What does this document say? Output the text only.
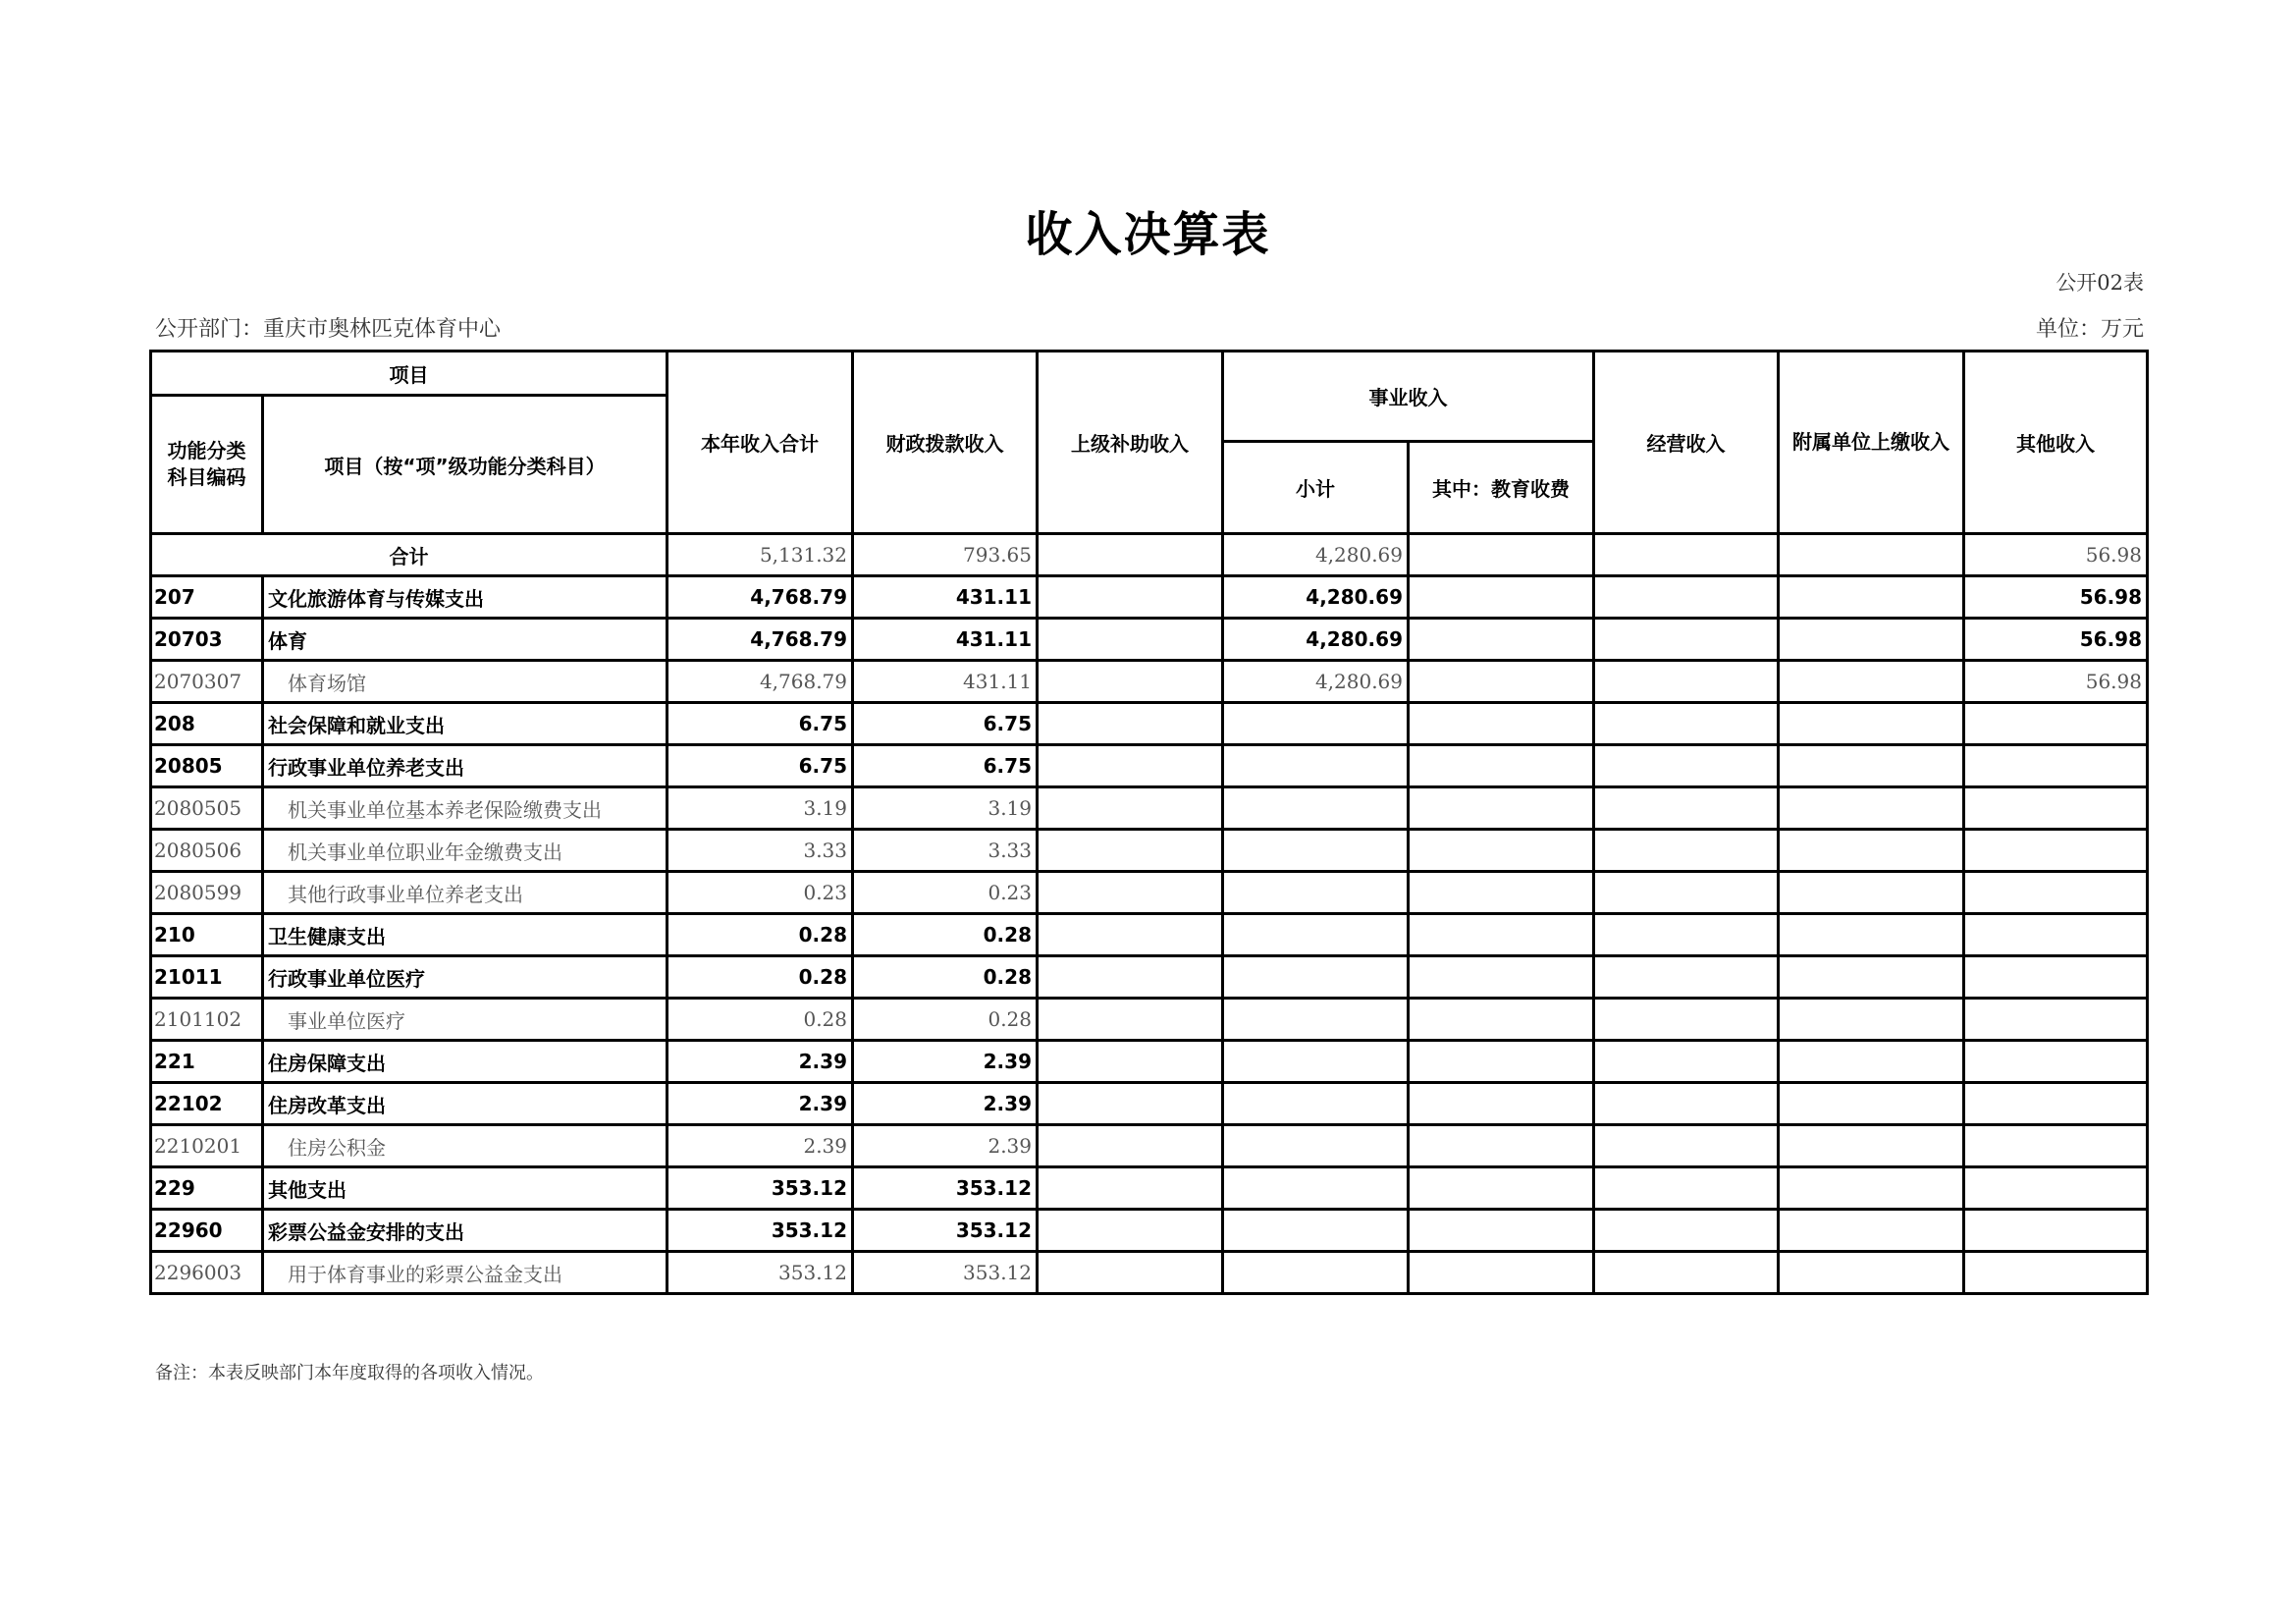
收入决算表
公开02表
公开部门：重庆市奥林匹克体育中心	单位：万元
项目		本年收入合计	财政拨款收入	上级补助收入	事业收入		经营收入	附属单位上缴收入	其他收入
功能分类科目编码	项目（按“项”级功能分类科目）								
					小计	其中：教育收费			
合计		5,131.32	793.65		4,280.69				56.98
207	文化旅游体育与传媒支出	4,768.79	431.11		4,280.69				56.98
20703	体育	4,768.79	431.11		4,280.69				56.98
2070307	体育场馆	4,768.79	431.11		4,280.69				56.98
208	社会保障和就业支出	6.75	6.75						
20805	行政事业单位养老支出	6.75	6.75						
2080505	机关事业单位基本养老保险缴费支出	3.19	3.19						
2080506	机关事业单位职业年金缴费支出	3.33	3.33						
2080599	其他行政事业单位养老支出	0.23	0.23						
210	卫生健康支出	0.28	0.28						
21011	行政事业单位医疗	0.28	0.28						
2101102	事业单位医疗	0.28	0.28						
221	住房保障支出	2.39	2.39						
22102	住房改革支出	2.39	2.39						
2210201	住房公积金	2.39	2.39						
229	其他支出	353.12	353.12						
22960	彩票公益金安排的支出	353.12	353.12						
2296003	用于体育事业的彩票公益金支出	353.12	353.12						
备注：本表反映部门本年度取得的各项收入情况。
